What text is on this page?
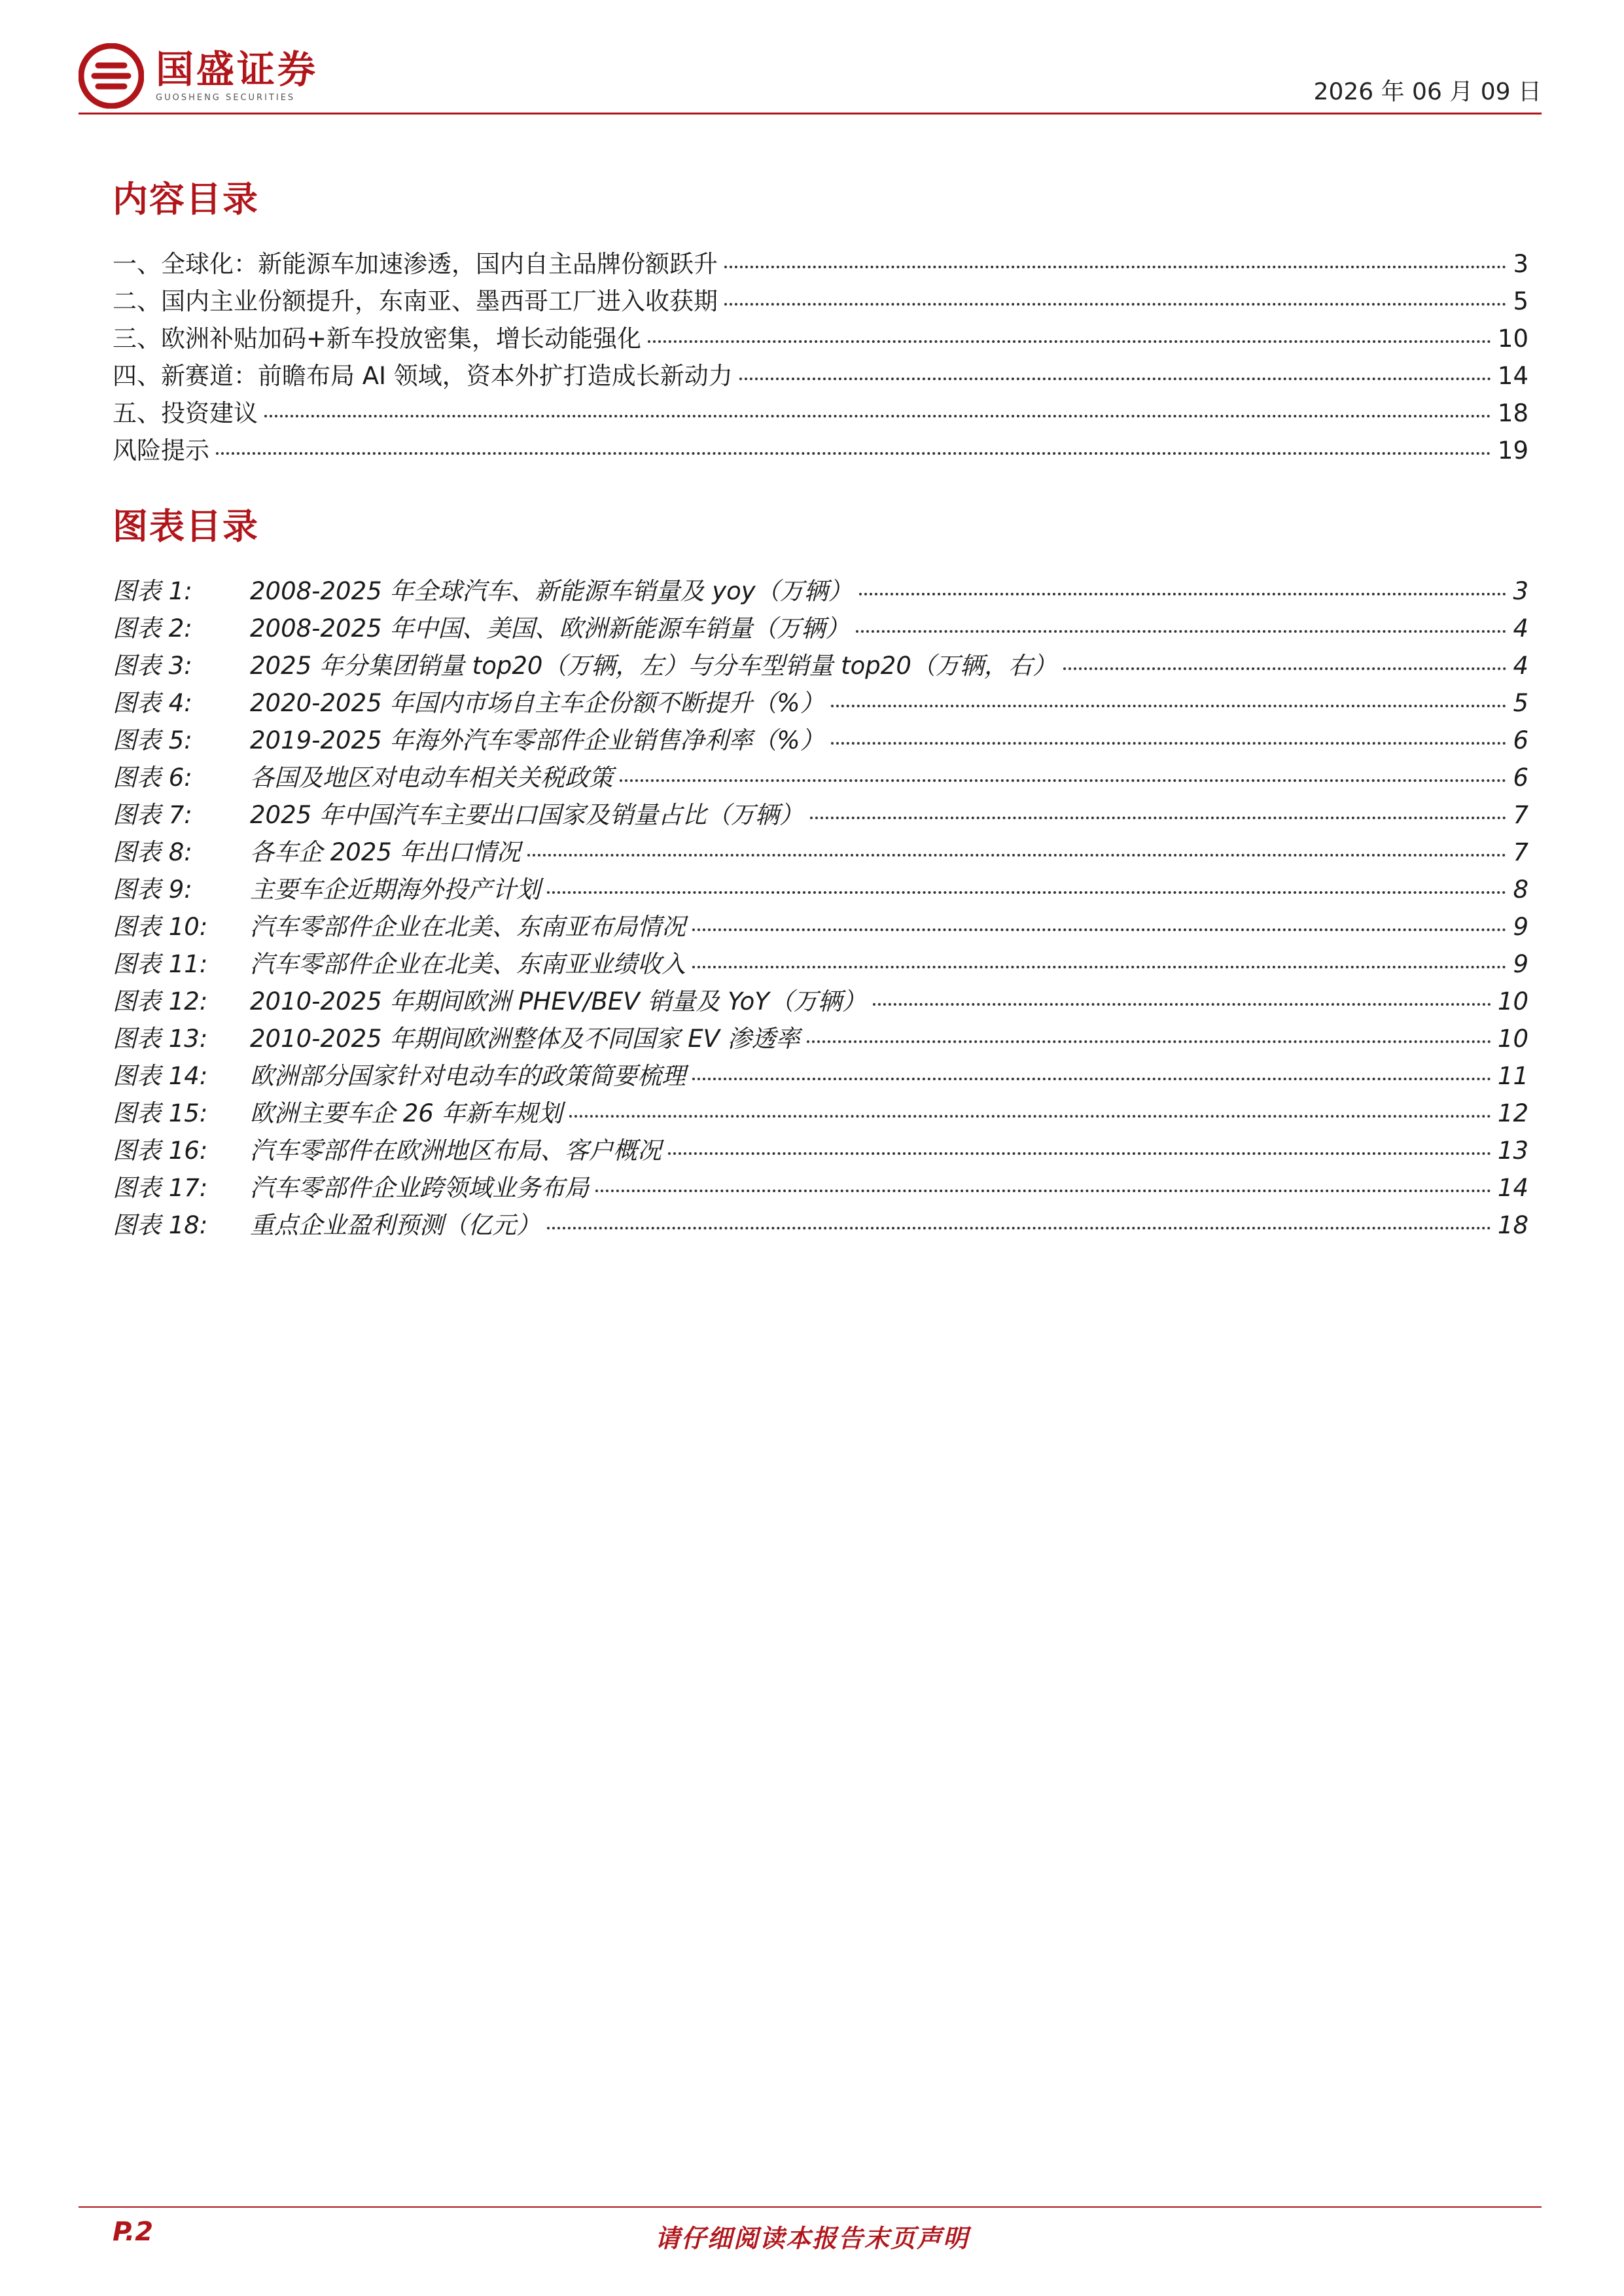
国盛证券
GUOSHENG SECURITIES	2026 年 06 月 09 日
内容目录
一、全球化：新能源车加速渗透，国内自主品牌份额跃升	3
二、国内主业份额提升，东南亚、墨西哥工厂进入收获期	5
三、欧洲补贴加码+新车投放密集，增长动能强化	10
四、新赛道：前瞻布局 AI 领域，资本外扩打造成长新动力	14
五、投资建议	18
风险提示	19
图表目录
图表 1: 2008-2025 年全球汽车、新能源车销量及 yoy（万辆）	3
图表 2: 2008-2025 年中国、美国、欧洲新能源车销量（万辆）	4
图表 3: 2025 年分集团销量 top20（万辆，左）与分车型销量 top20（万辆，右）	4
图表 4: 2020-2025 年国内市场自主车企份额不断提升（%）	5
图表 5: 2019-2025 年海外汽车零部件企业销售净利率（%）	6
图表 6: 各国及地区对电动车相关关税政策	6
图表 7: 2025 年中国汽车主要出口国家及销量占比（万辆）	7
图表 8: 各车企 2025 年出口情况	7
图表 9: 主要车企近期海外投产计划	8
图表 10: 汽车零部件企业在北美、东南亚布局情况	9
图表 11: 汽车零部件企业在北美、东南亚业绩收入	9
图表 12: 2010-2025 年期间欧洲 PHEV/BEV 销量及 YoY（万辆）	10
图表 13: 2010-2025 年期间欧洲整体及不同国家 EV 渗透率	10
图表 14: 欧洲部分国家针对电动车的政策简要梳理	11
图表 15: 欧洲主要车企 26 年新车规划	12
图表 16: 汽车零部件在欧洲地区布局、客户概况	13
图表 17: 汽车零部件企业跨领域业务布局	14
图表 18: 重点企业盈利预测（亿元）	18
P.2	请仔细阅读本报告末页声明
